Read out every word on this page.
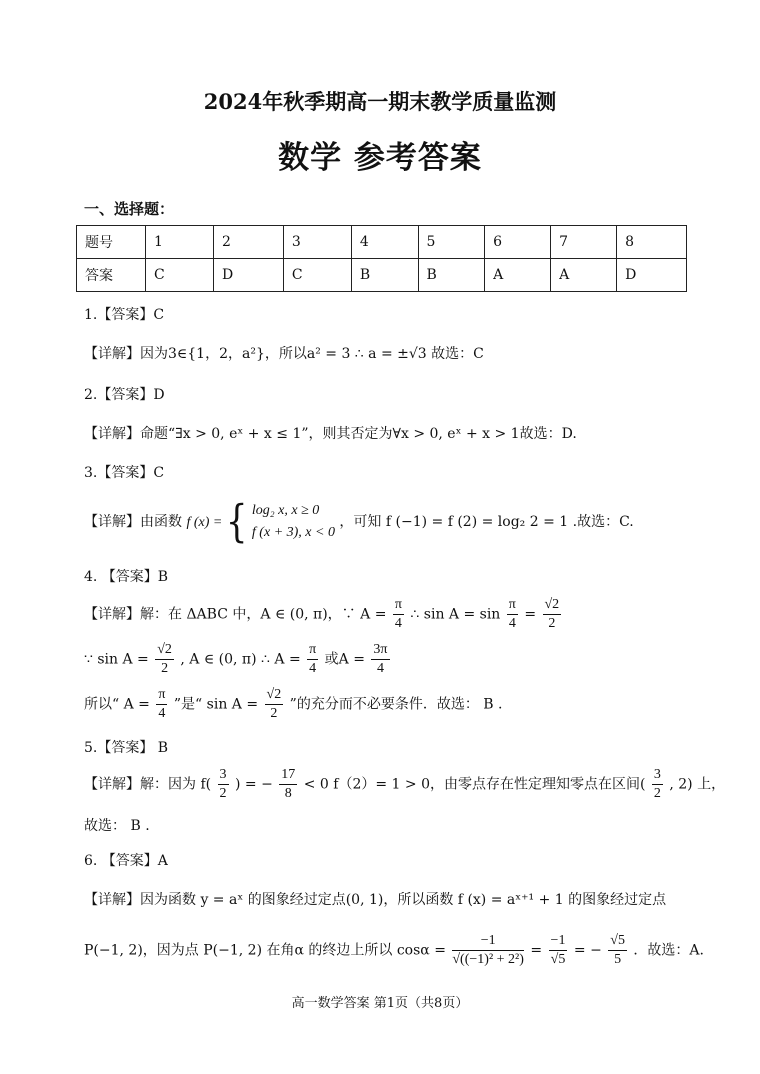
2024年秋季期高一期末教学质量监测
数学 参考答案
一、选择题：
题号	1	2	3	4	5	6	7	8
答案	C	D	C	B	B	A	A	D
1.【答案】C
【详解】因为3∈{1，2，a²}，所以a² = 3 ∴ a = ±√3 故选：C
2.【答案】D
【详解】命题“∃x > 0, eˣ + x ≤ 1”，则其否定为∀x > 0, eˣ + x > 1故选：D.
3.【答案】C
【详解】由函数 f (x) = { log₂ x, x ≥ 0
f (x + 3), x < 0
，可知 f (−1) = f (2) = log₂ 2 = 1 .故选：C.
4. 【答案】B
【详解】解：在 ΔABC 中，A ∈ (0, π)，∵ $A = \frac{\pi}{4}$ ∴ $\sin A = \sin \frac{\pi}{4} = \frac{√2}{2}$
∵ $\sin A = \frac{√2}{2}$ , A ∈ (0, π) ∴ $A = \frac{\pi}{4}$ 或$A = \frac{3\pi}{4}$
所以“ $A = \frac{\pi}{4}$ ”是“ $\sin A = \frac{√2}{2}$ ”的充分而不必要条件．故选： B .
5.【答案】 B
【详解】解：因为 $f( \frac{3}{2}$ ) = − $\frac{17}{8} < 0$ f（2）= 1 > 0，由零点存在性定理知零点在区间( $\frac{3}{2}$ , 2) 上，
故选： B .
6. 【答案】A
【详解】因为函数 y = aˣ 的图象经过定点(0, 1)，所以函数 f (x) = aˣ⁺¹ + 1 的图象经过定点
P(−1, 2)，因为点 P(−1, 2) 在角α 的终边上所以 $\cos\alpha = \frac{-1}{\text{√((−1)² + 2²)}} = \frac{-1}{√5}$ = − $\frac{√5}{5}$ ．故选：A.
高一数学答案 第1页（共8页）
